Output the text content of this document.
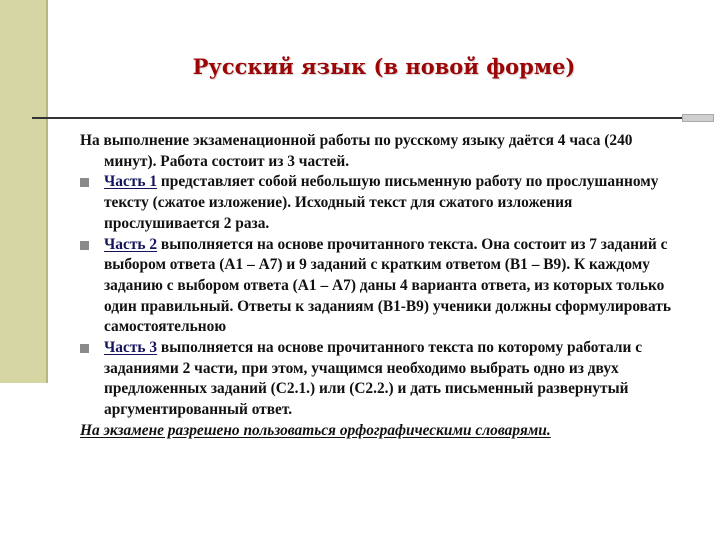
Русский язык (в новой форме)

На выполнение экзаменационной работы по русскому языку даётся 4 часа (240 минут). Работа состоит из 3 частей.

Часть 1 представляет собой небольшую письменную работу по прослушанному тексту (сжатое изложение). Исходный текст для сжатого изложения прослушивается 2 раза.

Часть 2 выполняется на основе прочитанного текста. Она состоит из 7 заданий с выбором ответа (А1 – А7) и 9 заданий с кратким ответом (В1 – В9). К каждому заданию с выбором ответа (А1 – А7) даны 4 варианта ответа, из которых только один правильный. Ответы к заданиям (В1-В9) ученики должны сформулировать самостоятельною

Часть 3 выполняется на основе прочитанного текста по которому работали с заданиями 2 части, при этом, учащимся необходимо выбрать одно из двух предложенных заданий (С2.1.) или (С2.2.) и дать письменный развернутый аргументированный ответ.

На экзамене разрешено пользоваться орфографическими словарями.
